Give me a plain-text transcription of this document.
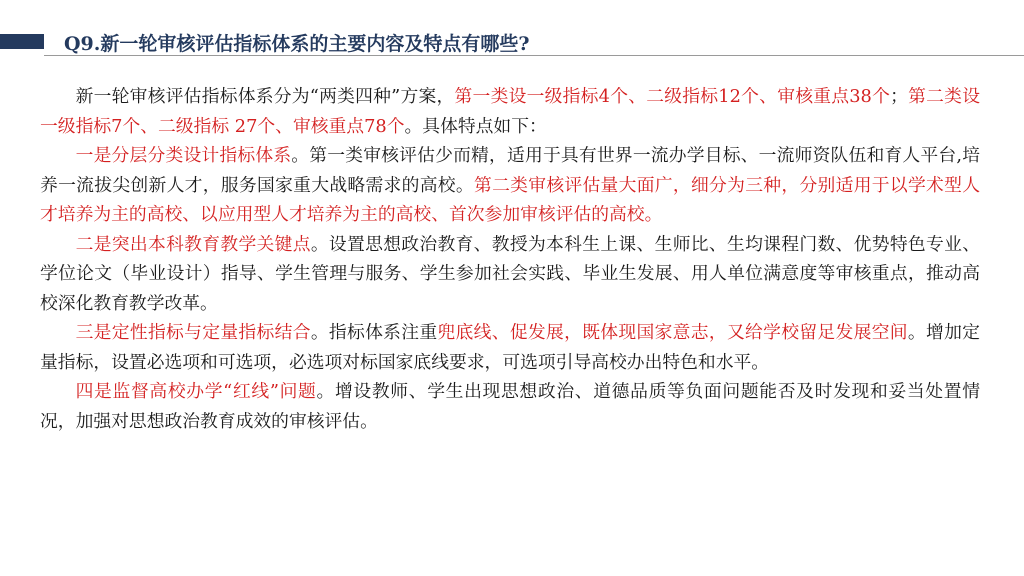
Q9.新一轮审核评估指标体系的主要内容及特点有哪些?

新一轮审核评估指标体系分为“两类四种”方案，第一类设一级指标4个、二级指标12个、审核重点38个；第二类设一级指标7个、二级指标 27个、审核重点78个。具体特点如下：

一是分层分类设计指标体系。第一类审核评估少而精，适用于具有世界一流办学目标、一流师资队伍和育人平台,培养一流拔尖创新人才，服务国家重大战略需求的高校。第二类审核评估量大面广，细分为三种，分别适用于以学术型人才培养为主的高校、以应用型人才培养为主的高校、首次参加审核评估的高校。

二是突出本科教育教学关键点。设置思想政治教育、教授为本科生上课、生师比、生均课程门数、优势特色专业、学位论文（毕业设计）指导、学生管理与服务、学生参加社会实践、毕业生发展、用人单位满意度等审核重点，推动高校深化教育教学改革。

三是定性指标与定量指标结合。指标体系注重兜底线、促发展，既体现国家意志，又给学校留足发展空间。增加定量指标，设置必选项和可选项，必选项对标国家底线要求，可选项引导高校办出特色和水平。

四是监督高校办学“红线”问题。增设教师、学生出现思想政治、道德品质等负面问题能否及时发现和妥当处置情况，加强对思想政治教育成效的审核评估。
